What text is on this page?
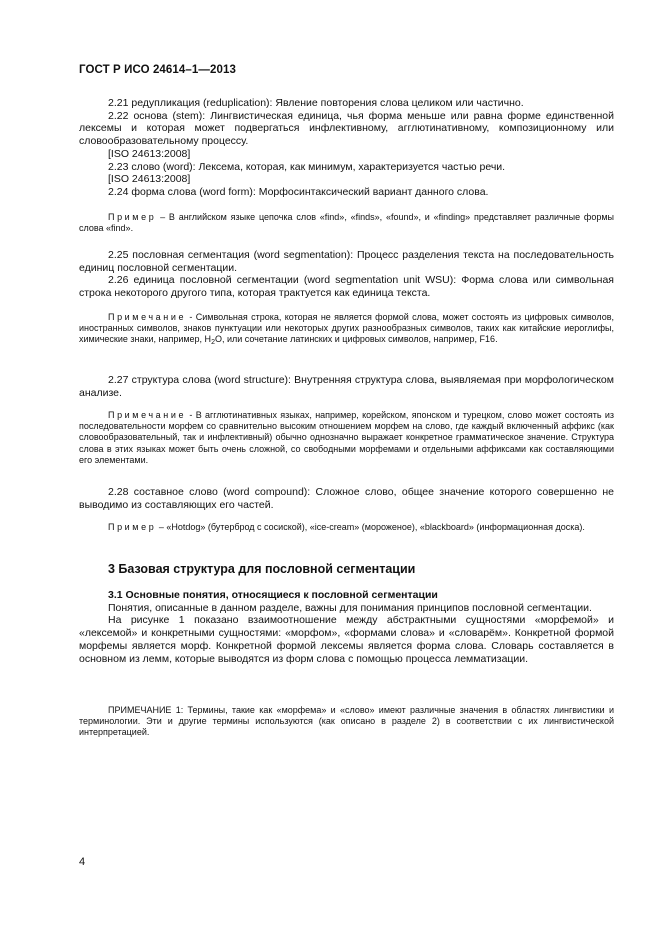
ГОСТ Р ИСО 24614–1—2013

2.21 редупликация (reduplication): Явление повторения слова целиком или частично.

2.22 основа (stem): Лингвистическая единица, чья форма меньше или равна форме единственной лексемы и которая может подвергаться инфлективному, агглютинативному, композиционному или словообразовательному процессу.

[ISO 24613:2008]

2.23 слово (word): Лексема, которая, как минимум, характеризуется частью речи.

[ISO 24613:2008]

2.24 форма слова (word form): Морфосинтаксический вариант данного слова.

Пример – В английском языке цепочка слов «find», «finds», «found», и «finding» представляет различные формы слова «find».

2.25 пословная сегментация (word segmentation): Процесс разделения текста на последовательность единиц пословной сегментации.

2.26 единица пословной сегментации (word segmentation unit WSU): Форма слова или символьная строка некоторого другого типа, которая трактуется как единица текста.

Примечание - Символьная строка, которая не является формой слова, может состоять из цифровых символов, иностранных символов, знаков пунктуации или некоторых других разнообразных символов, таких как китайские иероглифы, химические знаки, например, $H_2O$, или сочетание латинских и цифровых символов, например, F16.

2.27 структура слова (word structure): Внутренняя структура слова, выявляемая при морфологическом анализе.

Примечание - В агглютинативных языках, например, корейском, японском и турецком, слово может состоять из последовательности морфем со сравнительно высоким отношением морфем на слово, где каждый включенный аффикс (как словообразовательный, так и инфлективный) обычно однозначно выражает конкретное грамматическое значение. Структура слова в этих языках может быть очень сложной, со свободными морфемами и отдельными аффиксами как составляющими его элементами.

2.28 составное слово (word compound): Сложное слово, общее значение которого совершенно не выводимо из составляющих его частей.

Пример – «Hotdog» (бутерброд с сосиской), «ice-cream» (мороженое), «blackboard» (информационная доска).

3 Базовая структура для пословной сегментации

3.1 Основные понятия, относящиеся к пословной сегментации

Понятия, описанные в данном разделе, важны для понимания принципов пословной сегментации.

На рисунке 1 показано взаимоотношение между абстрактными сущностями «морфемой» и «лексемой» и конкретными сущностями: «морфом», «формами слова» и «словарём». Конкретной формой морфемы является морф. Конкретной формой лексемы является форма слова. Словарь составляется в основном из лемм, которые выводятся из форм слова с помощью процесса лемматизации.

ПРИМЕЧАНИЕ 1: Термины, такие как «морфема» и «слово» имеют различные значения в областях лингвистики и терминологии. Эти и другие термины используются (как описано в разделе 2) в соответствии с их лингвистической интерпретацией.

4
